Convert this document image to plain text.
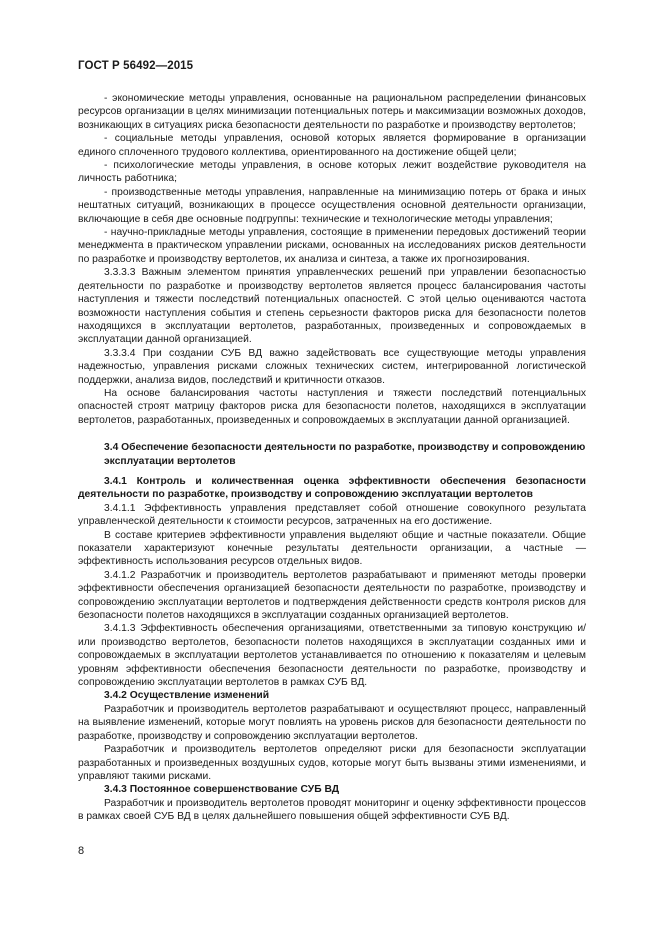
ГОСТ Р 56492—2015

- экономические методы управления, основанные на рациональном распределении финансовых ресурсов организации в целях минимизации потенциальных потерь и максимизации возможных доходов, возникающих в ситуациях риска безопасности деятельности по разработке и производству вертолетов;

- социальные методы управления, основой которых является формирование в организации единого сплоченного трудового коллектива, ориентированного на достижение общей цели;

- психологические методы управления, в основе которых лежит воздействие руководителя на личность работника;

- производственные методы управления, направленные на минимизацию потерь от брака и иных нештатных ситуаций, возникающих в процессе осуществления основной деятельности организации, включающие в себя две основные подгруппы: технические и технологические методы управления;

- научно-прикладные методы управления, состоящие в применении передовых достижений теории менеджмента в практическом управлении рисками, основанных на исследованиях рисков деятельности по разработке и производству вертолетов, их анализа и синтеза, а также их прогнозирования.

3.3.3.3 Важным элементом принятия управленческих решений при управлении безопасностью деятельности по разработке и производству вертолетов является процесс балансирования частоты наступления и тяжести последствий потенциальных опасностей. С этой целью оцениваются частота возможности наступления события и степень серьезности факторов риска для безопасности полетов находящихся в эксплуатации вертолетов, разработанных, произведенных и сопровождаемых в эксплуатации данной организацией.

3.3.3.4 При создании СУБ ВД важно задействовать все существующие методы управления надежностью, управления рисками сложных технических систем, интегрированной логистической поддержки, анализа видов, последствий и критичности отказов.

На основе балансирования частоты наступления и тяжести последствий потенциальных опасностей строят матрицу факторов риска для безопасности полетов, находящихся в эксплуатации вертолетов, разработанных, произведенных и сопровождаемых в эксплуатации данной организацией.

3.4 Обеспечение безопасности деятельности по разработке, производству и сопровождению эксплуатации вертолетов

3.4.1 Контроль и количественная оценка эффективности обеспечения безопасности деятельности по разработке, производству и сопровождению эксплуатации вертолетов

3.4.1.1 Эффективность управления представляет собой отношение совокупного результата управленческой деятельности к стоимости ресурсов, затраченных на его достижение.

В составе критериев эффективности управления выделяют общие и частные показатели. Общие показатели характеризуют конечные результаты деятельности организации, а частные — эффективность использования ресурсов отдельных видов.

3.4.1.2 Разработчик и производитель вертолетов разрабатывают и применяют методы проверки эффективности обеспечения организацией безопасности деятельности по разработке, производству и сопровождению эксплуатации вертолетов и подтверждения действенности средств контроля рисков для безопасности полетов находящихся в эксплуатации созданных организацией вертолетов.

3.4.1.3 Эффективность обеспечения организациями, ответственными за типовую конструкцию и/или производство вертолетов, безопасности полетов находящихся в эксплуатации созданных ими и сопровождаемых в эксплуатации вертолетов устанавливается по отношению к показателям и целевым уровням эффективности обеспечения безопасности деятельности по разработке, производству и сопровождению эксплуатации вертолетов в рамках СУБ ВД.

3.4.2 Осуществление изменений

Разработчик и производитель вертолетов разрабатывают и осуществляют процесс, направленный на выявление изменений, которые могут повлиять на уровень рисков для безопасности деятельности по разработке, производству и сопровождению эксплуатации вертолетов.

Разработчик и производитель вертолетов определяют риски для безопасности эксплуатации разработанных и произведенных воздушных судов, которые могут быть вызваны этими изменениями, и управляют такими рисками.

3.4.3 Постоянное совершенствование СУБ ВД

Разработчик и производитель вертолетов проводят мониторинг и оценку эффективности процессов в рамках своей СУБ ВД в целях дальнейшего повышения общей эффективности СУБ ВД.

8
